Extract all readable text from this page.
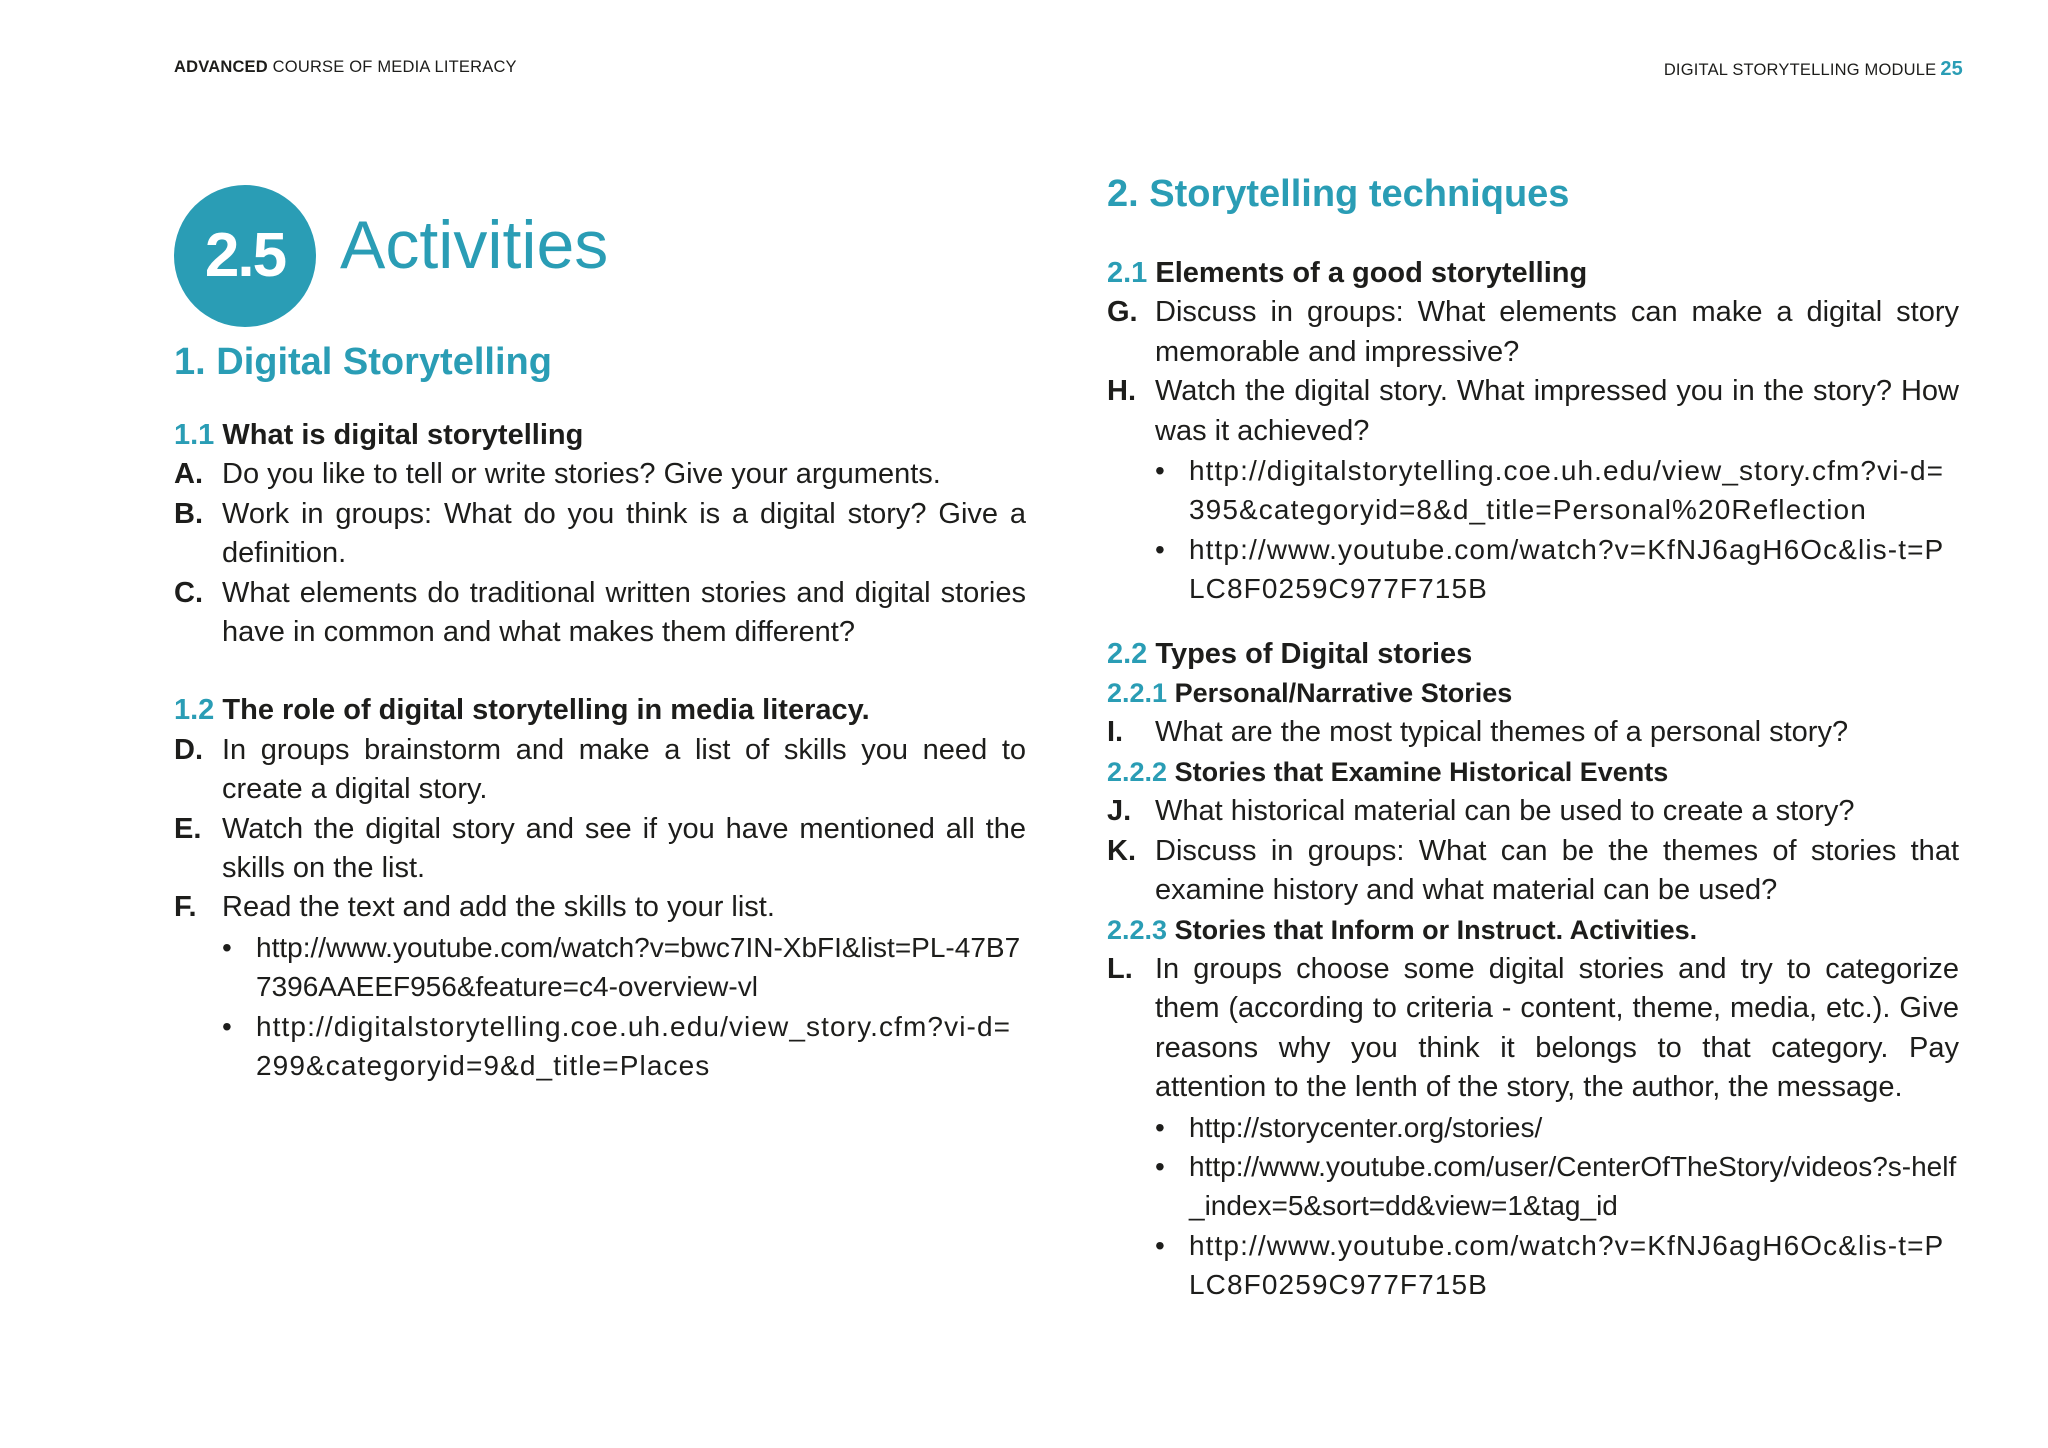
ADVANCED COURSE OF MEDIA LITERACY	DIGITAL STORYTELLING MODULE 25
2.5 Activities

1. Digital Storytelling

1.1 What is digital storytelling

A. Do you like to tell or write stories? Give your arguments.
B. Work in groups: What do you think is a digital story? Give a definition.
C. What elements do traditional written stories and digital stories have in common and what makes them different?

1.2 The role of digital storytelling in media literacy.

D. In groups brainstorm and make a list of skills you need to create a digital story.
E. Watch the digital story and see if you have mentioned all the skills on the list.
F. Read the text and add the skills to your list.
• http://www.youtube.com/watch?v=bwc7IN-XbFI&list=PL-47B77396AAEEF956&feature=c4-overview-vl
• http://digitalstorytelling.coe.uh.edu/view_story.cfm?vi-d=299&categoryid=9&d_title=Places

2. Storytelling techniques

2.1 Elements of a good storytelling

G. Discuss in groups: What elements can make a digital story memorable and impressive?
H. Watch the digital story. What impressed you in the story? How was it achieved?
• http://digitalstorytelling.coe.uh.edu/view_story.cfm?vi-d=395&categoryid=8&d_title=Personal%20Reflection
• http://www.youtube.com/watch?v=KfNJ6agH6Oc&lis-t=PLC8F0259C977F715B

2.2 Types of Digital stories

2.2.1 Personal/Narrative Stories

I.	What are the most typical themes of a personal story?

2.2.2 Stories that Examine Historical Events

J. What historical material can be used to create a story?
K. Discuss in groups: What can be the themes of stories that examine history and what material can be used?

2.2.3 Stories that Inform or Instruct. Activities.

L. In groups choose some digital stories and try to categorize them (according to criteria - content, theme, media, etc.). Give reasons why you think it belongs to that category. Pay attention to the lenth of the story, the author, the message.
• http://storycenter.org/stories/
• http://www.youtube.com/user/CenterOfTheStory/videos?s-helf_index=5&sort=dd&view=1&tag_id
• http://www.youtube.com/watch?v=KfNJ6agH6Oc&lis-t=PLC8F0259C977F715B
